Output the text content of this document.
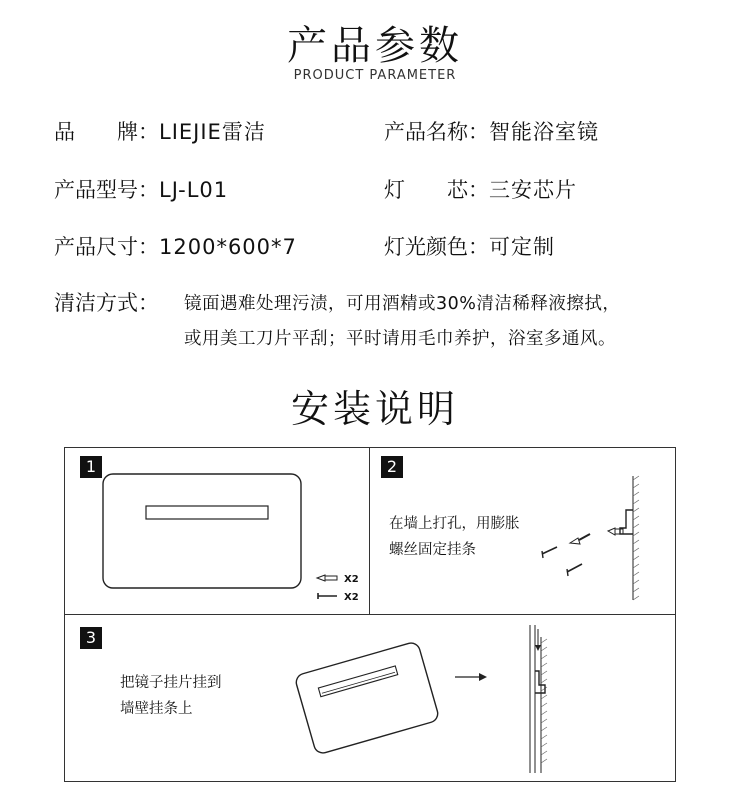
产品参数
PRODUCT PARAMETER
品　　牌：LIEJIE雷洁	产品名称：智能浴室镜
产品型号：LJ-L01	灯　　芯：三安芯片
产品尺寸：1200*600*7	灯光颜色：可定制
清洁方式： 镜面遇难处理污渍，可用酒精或30%清洁稀释液擦拭，
或用美工刀片平刮；平时请用毛巾养护，浴室多通风。
安装说明
1
X2
X2
2
在墙上打孔，用膨胀
螺丝固定挂条
3
把镜子挂片挂到
墙壁挂条上
